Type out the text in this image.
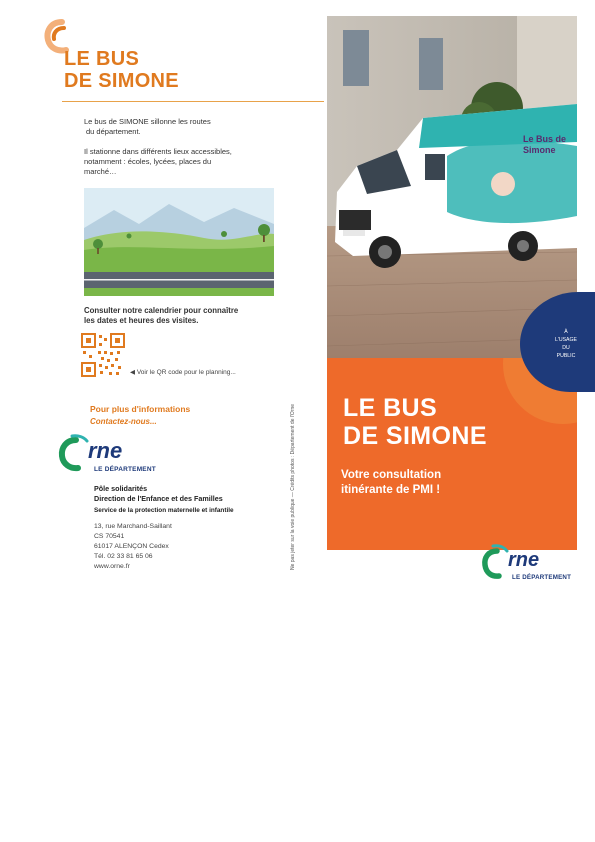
LE BUS
DE SIMONE
Le bus de SIMONE sillonne les routes
du département.
Il stationne dans différents lieux accessibles,
notamment : écoles, lycées, places du
marché…
Consulter notre calendrier pour connaître
les dates et heures des visites.
◀ Voir le QR code pour le planning...
Pour plus d'informations
Contactez-nous...
rne
LE DÉPARTEMENT
Pôle solidarités
Direction de l'Enfance et des Familles
Service de la protection maternelle et infantile
13, rue Marchand-Saillant
CS 70541
61017 ALENÇON Cedex
Tél. 02 33 81 65 06
www.orne.fr	Ne pas jeter sur la voie publique — Crédits photos : Département de l'Orne
Le Bus de
Simone
À
L'USAGE
DU
PUBLIC
LE BUS
DE SIMONE
Votre consultation
itinérante de PMI !
rne
LE DÉPARTEMENT
